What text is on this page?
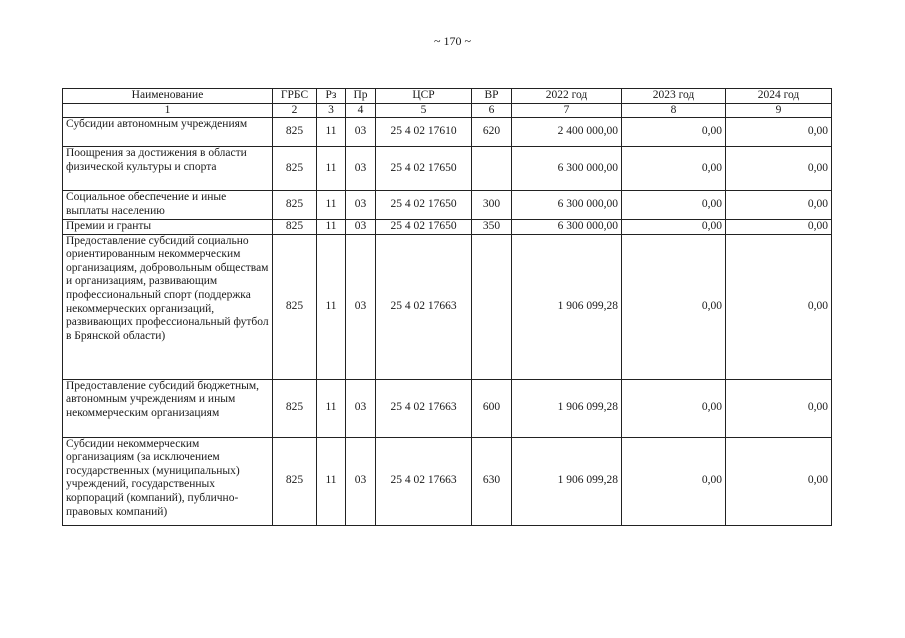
~ 170 ~
Наименование	ГРБС	Рз	Пр	ЦСР	ВР	2022 год	2023 год	2024 год
1	2	3	4	5	6	7	8	9
Субсидии автономным учреждениям	825	11	03	25 4 02 17610	620	2 400 000,00	0,00	0,00
Поощрения за достижения в области физической культуры и спорта	825	11	03	25 4 02 17650		6 300 000,00	0,00	0,00
Социальное обеспечение и иные выплаты населению	825	11	03	25 4 02 17650	300	6 300 000,00	0,00	0,00
Премии и гранты	825	11	03	25 4 02 17650	350	6 300 000,00	0,00	0,00
Предоставление субсидий социально ориентированным некоммерческим организациям, добровольным обществам и организациям, развивающим профессиональный спорт (поддержка некоммерческих организаций, развивающих профессиональный футбол в Брянской области)	825	11	03	25 4 02 17663		1 906 099,28	0,00	0,00
Предоставление субсидий бюджетным, автономным учреждениям и иным некоммерческим организациям	825	11	03	25 4 02 17663	600	1 906 099,28	0,00	0,00
Субсидии некоммерческим организациям (за исключением государственных (муниципальных) учреждений, государственных корпораций (компаний), публично-правовых компаний)	825	11	03	25 4 02 17663	630	1 906 099,28	0,00	0,00
